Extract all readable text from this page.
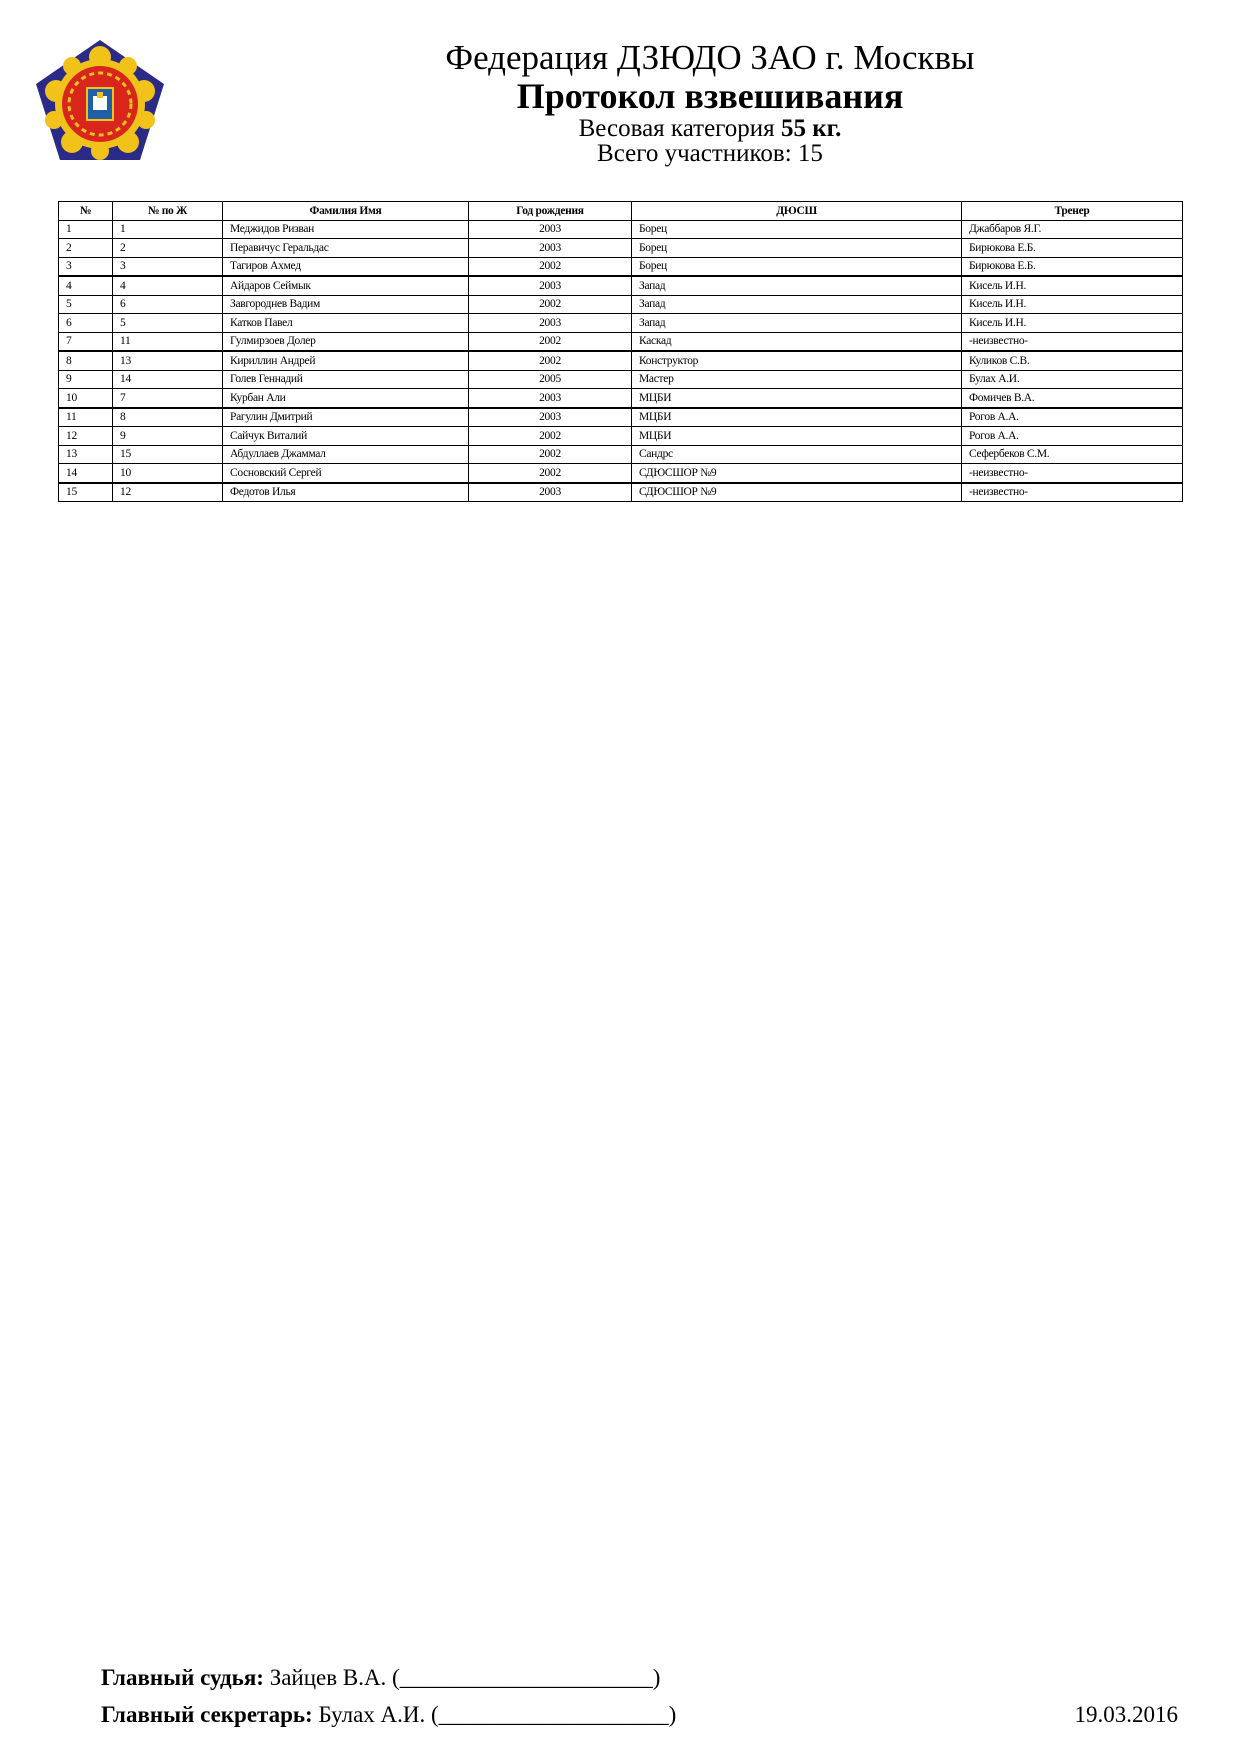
Федерация ДЗЮДО ЗАО г. Москвы
Протокол взвешивания
Весовая категория 55 кг.
Всего участников: 15
№	№ по Ж	Фамилия Имя	Год рождения	ДЮСШ	Тренер
1	1	Меджидов Ризван	2003	Борец	Джаббаров Я.Г.
2	2	Перавичус Геральдас	2003	Борец	Бирюкова Е.Б.
3	3	Тагиров Ахмед	2002	Борец	Бирюкова Е.Б.
4	4	Айдаров Сеймык	2003	Запад	Кисель И.Н.
5	6	Завгороднев Вадим	2002	Запад	Кисель И.Н.
6	5	Катков Павел	2003	Запад	Кисель И.Н.
7	11	Гулмирзоев Долер	2002	Каскад	-неизвестно-
8	13	Кириллин Андрей	2002	Конструктор	Куликов С.В.
9	14	Голев Геннадий	2005	Мастер	Булах А.И.
10	7	Курбан Али	2003	МЦБИ	Фомичев В.А.
11	8	Рагулин Дмитрий	2003	МЦБИ	Рогов А.А.
12	9	Сайчук Виталий	2002	МЦБИ	Рогов А.А.
13	15	Абдуллаев Джаммал	2002	Сандрс	Сефербеков С.М.
14	10	Сосновский Сергей	2002	СДЮСШОР №9	-неизвестно-
15	12	Федотов Илья	2003	СДЮСШОР №9	-неизвестно-
Главный судья: Зайцев В.А. (______________________)
Главный секретарь: Булах А.И. (____________________)	19.03.2016
